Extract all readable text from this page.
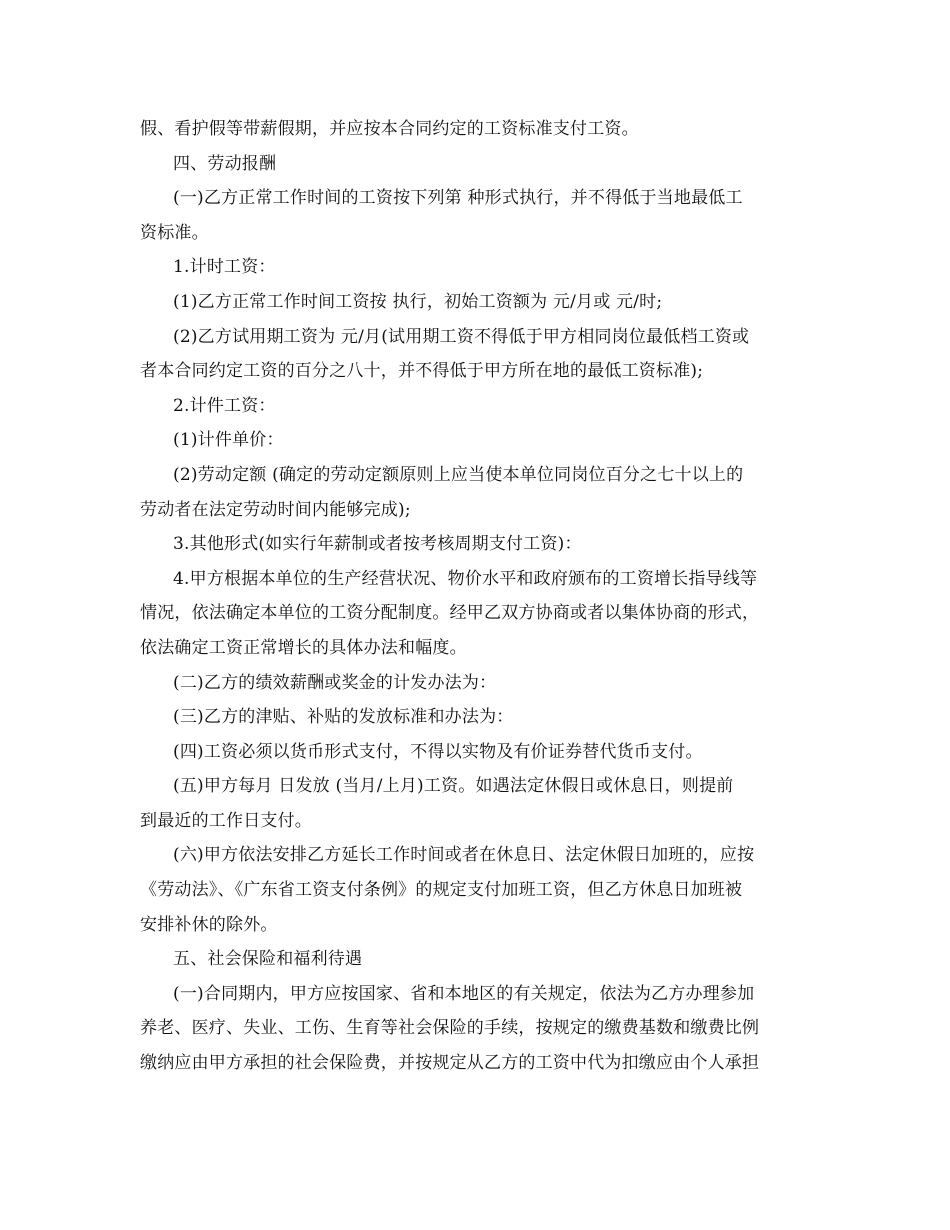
假、看护假等带薪假期，并应按本合同约定的工资标准支付工资。
四、劳动报酬
(一)乙方正常工作时间的工资按下列第 种形式执行，并不得低于当地最低工
资标准。
1.计时工资：
(1)乙方正常工作时间工资按 执行，初始工资额为 元/月或 元/时;
(2)乙方试用期工资为 元/月(试用期工资不得低于甲方相同岗位最低档工资或
者本合同约定工资的百分之八十，并不得低于甲方所在地的最低工资标准);
2.计件工资：
(1)计件单价：
(2)劳动定额 (确定的劳动定额原则上应当使本单位同岗位百分之七十以上的
劳动者在法定劳动时间内能够完成);
3.其他形式(如实行年薪制或者按考核周期支付工资)：
4.甲方根据本单位的生产经营状况、物价水平和政府颁布的工资增长指导线等
情况，依法确定本单位的工资分配制度。经甲乙双方协商或者以集体协商的形式，
依法确定工资正常增长的具体办法和幅度。
(二)乙方的绩效薪酬或奖金的计发办法为：
(三)乙方的津贴、补贴的发放标准和办法为：
(四)工资必须以货币形式支付，不得以实物及有价证券替代货币支付。
(五)甲方每月 日发放 (当月/上月)工资。如遇法定休假日或休息日，则提前
到最近的工作日支付。
(六)甲方依法安排乙方延长工作时间或者在休息日、法定休假日加班的，应按
《劳动法》、《广东省工资支付条例》的规定支付加班工资，但乙方休息日加班被
安排补休的除外。
五、社会保险和福利待遇
(一)合同期内，甲方应按国家、省和本地区的有关规定，依法为乙方办理参加
养老、医疗、失业、工伤、生育等社会保险的手续，按规定的缴费基数和缴费比例
缴纳应由甲方承担的社会保险费，并按规定从乙方的工资中代为扣缴应由个人承担
